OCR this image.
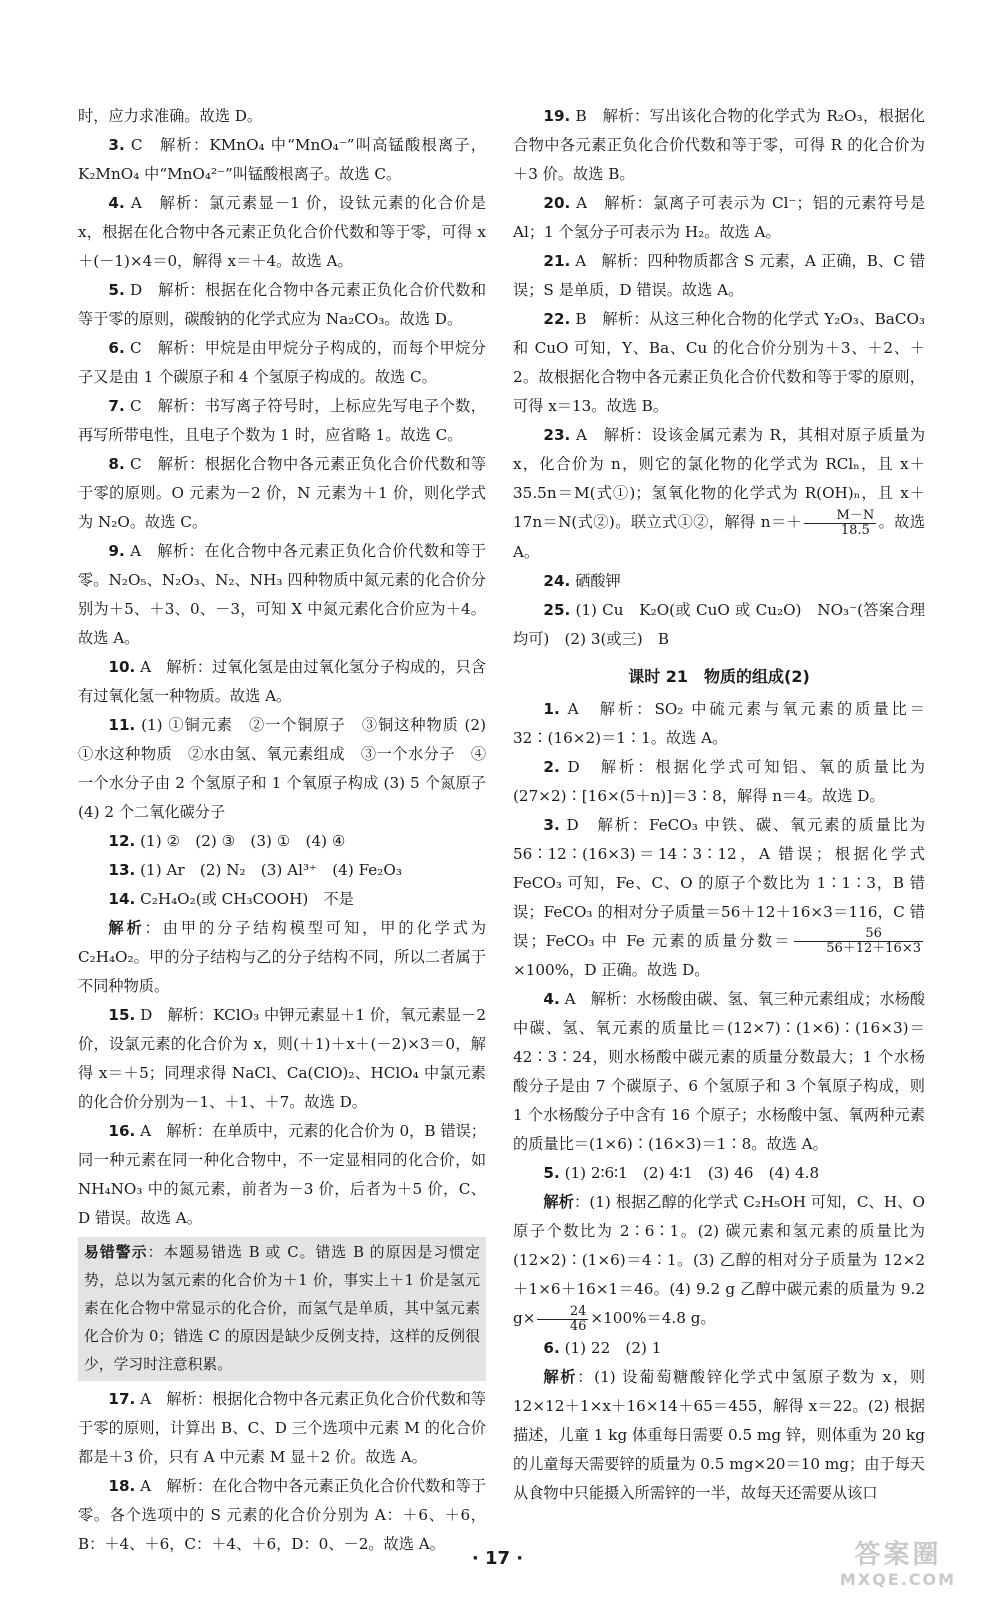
时，应力求准确。故选 D。

3. C　解析：KMnO₄ 中“MnO₄⁻”叫高锰酸根离子，K₂MnO₄ 中“MnO₄²⁻”叫锰酸根离子。故选 C。

4. A　解析：氯元素显－1 价，设钛元素的化合价是 x，根据在化合物中各元素正负化合价代数和等于零，可得 x＋(－1)×4＝0，解得 x＝＋4。故选 A。

5. D　解析：根据在化合物中各元素正负化合价代数和等于零的原则，碳酸钠的化学式应为 Na₂CO₃。故选 D。

6. C　解析：甲烷是由甲烷分子构成的，而每个甲烷分子又是由 1 个碳原子和 4 个氢原子构成的。故选 C。

7. C　解析：书写离子符号时，上标应先写电子个数，再写所带电性，且电子个数为 1 时，应省略 1。故选 C。

8. C　解析：根据化合物中各元素正负化合价代数和等于零的原则。O 元素为－2 价，N 元素为＋1 价，则化学式为 N₂O。故选 C。

9. A　解析：在化合物中各元素正负化合价代数和等于零。N₂O₅、N₂O₃、N₂、NH₃ 四种物质中氮元素的化合价分别为＋5、＋3、0、－3，可知 X 中氮元素化合价应为＋4。故选 A。

10. A　解析：过氧化氢是由过氧化氢分子构成的，只含有过氧化氢一种物质。故选 A。

11. (1) ①铜元素　②一个铜原子　③铜这种物质 (2) ①水这种物质　②水由氢、氧元素组成　③一个水分子　④一个水分子由 2 个氢原子和 1 个氧原子构成 (3) 5 个氮原子　(4) 2 个二氧化碳分子

12. (1) ②　(2) ③　(3) ①　(4) ④

13. (1) Ar　(2) N₂　(3) Al³⁺　(4) Fe₂O₃

14. C₂H₄O₂(或 CH₃COOH)　不是

解析：由甲的分子结构模型可知，甲的化学式为 C₂H₄O₂。甲的分子结构与乙的分子结构不同，所以二者属于不同种物质。

15. D　解析：KClO₃ 中钾元素显＋1 价，氧元素显－2 价，设氯元素的化合价为 x，则(＋1)＋x＋(－2)×3＝0，解得 x＝＋5；同理求得 NaCl、Ca(ClO)₂、HClO₄ 中氯元素的化合价分别为－1、＋1、＋7。故选 D。

16. A　解析：在单质中，元素的化合价为 0，B 错误；同一种元素在同一种化合物中，不一定显相同的化合价，如 NH₄NO₃ 中的氮元素，前者为－3 价，后者为＋5 价，C、D 错误。故选 A。

易错警示：本题易错选 B 或 C。错选 B 的原因是习惯定势，总以为氢元素的化合价为＋1 价，事实上＋1 价是氢元素在化合物中常显示的化合价，而氢气是单质，其中氢元素化合价为 0；错选 C 的原因是缺少反例支持，这样的反例很少，学习时注意积累。

17. A　解析：根据化合物中各元素正负化合价代数和等于零的原则，计算出 B、C、D 三个选项中元素 M 的化合价都是＋3 价，只有 A 中元素 M 显＋2 价。故选 A。

18. A　解析：在化合物中各元素正负化合价代数和等于零。各个选项中的 S 元素的化合价分别为 A：＋6、＋6，B：＋4、＋6，C：＋4、＋6，D：0、－2。故选 A。

19. B　解析：写出该化合物的化学式为 R₂O₃，根据化合物中各元素正负化合价代数和等于零，可得 R 的化合价为＋3 价。故选 B。

20. A　解析：氯离子可表示为 Cl⁻；铝的元素符号是 Al；1 个氢分子可表示为 H₂。故选 A。

21. A　解析：四种物质都含 S 元素，A 正确，B、C 错误；S 是单质，D 错误。故选 A。

22. B　解析：从这三种化合物的化学式 Y₂O₃、BaCO₃ 和 CuO 可知，Y、Ba、Cu 的化合价分别为＋3、＋2、＋2。故根据化合物中各元素正负化合价代数和等于零的原则，可得 x＝13。故选 B。

23. A　解析：设该金属元素为 R，其相对原子质量为 x，化合价为 n，则它的氯化物的化学式为 RClₙ，且 x＋35.5n＝M(式①)；氢氧化物的化学式为 R(OH)ₙ，且 x＋17n＝N(式②)。联立式①②，解得 $n=+ \frac{M-N}{18.5}$ 。故选 A。

24. 硒酸钾

25. (1) Cu　K₂O(或 CuO 或 Cu₂O)　NO₃⁻(答案合理均可)　(2) 3(或三)　B

课时 21　物质的组成(2)

1. A　解析：SO₂ 中硫元素与氧元素的质量比＝32∶(16×2)＝1∶1。故选 A。

2. D　解析：根据化学式可知铝、氧的质量比为(27×2)∶[16×(5＋n)]＝3∶8，解得 n＝4。故选 D。

3. D　解析：FeCO₃ 中铁、碳、氧元素的质量比为 56∶12∶(16×3)＝14∶3∶12，A 错误；根据化学式 FeCO₃ 可知，Fe、C、O 的原子个数比为 1∶1∶3，B 错误；FeCO₃ 的相对分子质量＝56＋12＋16×3＝116，C 错误；FeCO₃ 中 Fe 元素的质量分数＝ $\frac{56}{56+12+16\times 3}$
×100%，D 正确。故选 D。

4. A　解析：水杨酸由碳、氢、氧三种元素组成；水杨酸中碳、氢、氧元素的质量比＝(12×7)∶(1×6)∶(16×3)＝42∶3∶24，则水杨酸中碳元素的质量分数最大；1 个水杨酸分子是由 7 个碳原子、6 个氢原子和 3 个氧原子构成，则 1 个水杨酸分子中含有 16 个原子；水杨酸中氢、氧两种元素的质量比＝(1×6)∶(16×3)＝1∶8。故选 A。

5. (1) 2∶6∶1　(2) 4∶1　(3) 46　(4) 4.8

解析：(1) 根据乙醇的化学式 C₂H₅OH 可知，C、H、O 原子个数比为 2∶6∶1。(2) 碳元素和氢元素的质量比为(12×2)∶(1×6)＝4∶1。(3) 乙醇的相对分子质量为 12×2＋1×6＋16×1＝46。(4) 9.2 g 乙醇中碳元素的质量为 9.2 $g\times \frac{24}{46} \times 100\%=4.8$ g。

6. (1) 22　(2) 1

解析：(1) 设葡萄糖酸锌化学式中氢原子数为 x，则 12×12＋1×x＋16×14＋65＝455，解得 x＝22。(2) 根据描述，儿童 1 kg 体重每日需要 0.5 mg 锌，则体重为 20 kg 的儿童每天需要锌的质量为 0.5 mg×20＝10 mg；由于每天从食物中只能摄入所需锌的一半，故每天还需要从该口

· 17 ·	答案圈
MXQE.COM
